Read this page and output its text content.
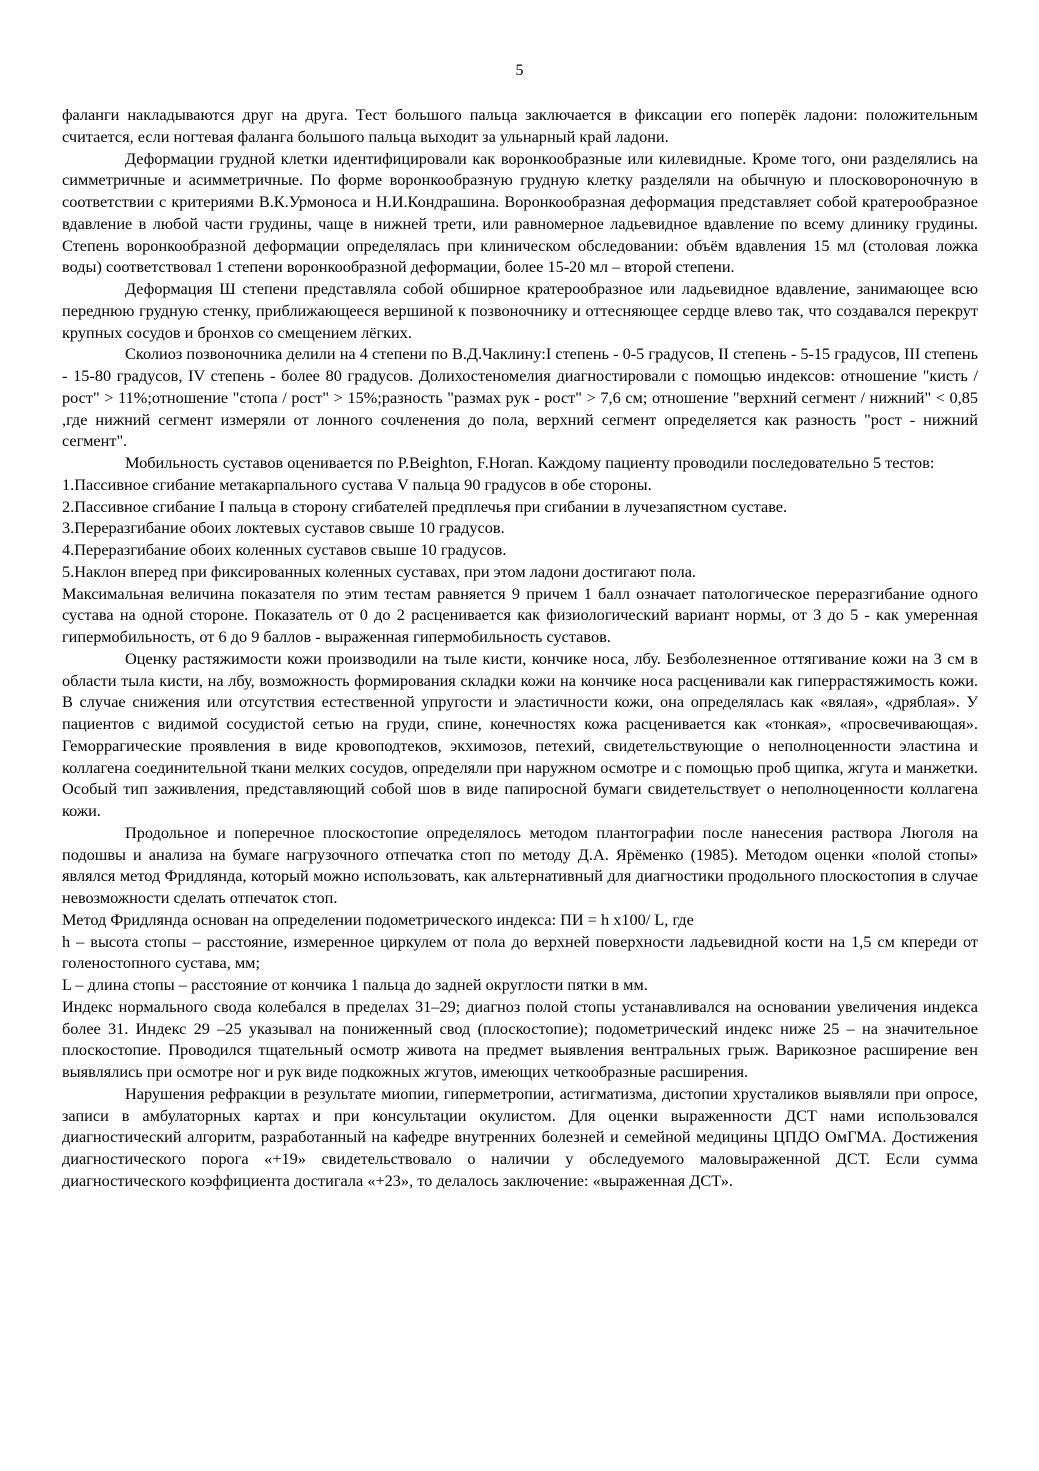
5

фаланги накладываются друг на друга. Тест большого пальца заключается в фиксации его поперёк ладони: положительным считается, если ногтевая фаланга большого пальца выходит за ульнарный край ладони.

Деформации грудной клетки идентифицировали как воронкообразные или килевидные. Кроме того, они разделялись на симметричные и асимметричные. По форме воронкообразную грудную клетку разделяли на обычную и плосковороночную в соответствии с критериями В.К.Урмоноса и Н.И.Кондрашина. Воронкообразная деформация представляет собой кратерообразное вдавление в любой части грудины, чаще в нижней трети, или равномерное ладьевидное вдавление по всему длинику грудины. Степень воронкообразной деформации определялась при клиническом обследовании: объём вдавления 15 мл (столовая ложка воды) соответствовал 1 степени воронкообразной деформации, более 15-20 мл – второй степени.

Деформация Ш степени представляла собой обширное кратерообразное или ладьевидное вдавление, занимающее всю переднюю грудную стенку, приближающееся вершиной к позвоночнику и оттесняющее сердце влево так, что создавался перекрут крупных сосудов и бронхов со смещением лёгких.

Сколиоз позвоночника делили на 4 степени по В.Д.Чаклину:I степень - 0-5 градусов, II степень - 5-15 градусов, III степень - 15-80 градусов, IV степень - более 80 градусов. Долихостеномелия диагностировали с помощью индексов: отношение "кисть / рост" > 11%;отношение "стопа / рост" > 15%;разность "размах рук - рост" > 7,6 см; отношение "верхний сегмент / нижний" < 0,85 ,где нижний сегмент измеряли от лонного сочленения до пола, верхний сегмент определяется как разность "рост - нижний сегмент".

Мобильность суставов оценивается по P.Beighton, F.Horan. Каждому пациенту проводили последовательно 5 тестов:

1.Пассивное сгибание метакарпального сустава V пальца 90 градусов в обе стороны.

2.Пассивное сгибание I пальца в сторону сгибателей предплечья при сгибании в лучезапястном суставе.

3.Переразгибание обоих локтевых суставов свыше 10 градусов.

4.Переразгибание обоих коленных суставов свыше 10 градусов.

5.Наклон вперед при фиксированных коленных суставах, при этом ладони достигают пола.

Максимальная величина показателя по этим тестам равняется 9 причем 1 балл означает патологическое переразгибание одного сустава на одной стороне. Показатель от 0 до 2 расценивается как физиологический вариант нормы, от 3 до 5 - как умеренная гипермобильность, от 6 до 9 баллов - выраженная гипермобильность суставов.

Оценку растяжимости кожи производили на тыле кисти, кончике носа, лбу. Безболезненное оттягивание кожи на 3 см в области тыла кисти, на лбу, возможность формирования складки кожи на кончике носа расценивали как гиперрастяжимость кожи. В случае снижения или отсутствия естественной упругости и эластичности кожи, она определялась как «вялая», «дряблая». У пациентов с видимой сосудистой сетью на груди, спине, конечностях кожа расценивается как «тонкая», «просвечивающая». Геморрагические проявления в виде кровоподтеков, экхимозов, петехий, свидетельствующие о неполноценности эластина и коллагена соединительной ткани мелких сосудов, определяли при наружном осмотре и с помощью проб щипка, жгута и манжетки. Особый тип заживления, представляющий собой шов в виде папиросной бумаги свидетельствует о неполноценности коллагена кожи.

Продольное и поперечное плоскостопие определялось методом плантографии после нанесения раствора Люголя на подошвы и анализа на бумаге нагрузочного отпечатка стоп по методу Д.А. Ярёменко (1985). Методом оценки «полой стопы» являлся метод Фридлянда, который можно использовать, как альтернативный для диагностики продольного плоскостопия в случае невозможности сделать отпечаток стоп.

Метод Фридлянда основан на определении подометрического индекса: ПИ = h х100/ L, где

h – высота стопы – расстояние, измеренное циркулем от пола до верхней поверхности ладьевидной кости на 1,5 см кпереди от голеностопного сустава, мм;

L – длина стопы – расстояние от кончика 1 пальца до задней округлости пятки в мм.

Индекс нормального свода колебался в пределах 31–29; диагноз полой стопы устанавливался на основании увеличения индекса более 31. Индекс 29 –25 указывал на пониженный свод (плоскостопие); подометрический индекс ниже 25 – на значительное плоскостопие. Проводился тщательный осмотр живота на предмет выявления вентральных грыж. Варикозное расширение вен выявлялись при осмотре ног и рук виде подкожных жгутов, имеющих четкообразные расширения.

Нарушения рефракции в результате миопии, гиперметропии, астигматизма, дистопии хрусталиков выявляли при опросе, записи в амбулаторных картах и при консультации окулистом. Для оценки выраженности ДСТ нами использовался диагностический алгоритм, разработанный на кафедре внутренних болезней и семейной медицины ЦПДО ОмГМА. Достижения диагностического порога «+19» свидетельствовало о наличии у обследуемого маловыраженной ДСТ. Если сумма диагностического коэффициента достигала «+23», то делалось заключение: «выраженная ДСТ».
